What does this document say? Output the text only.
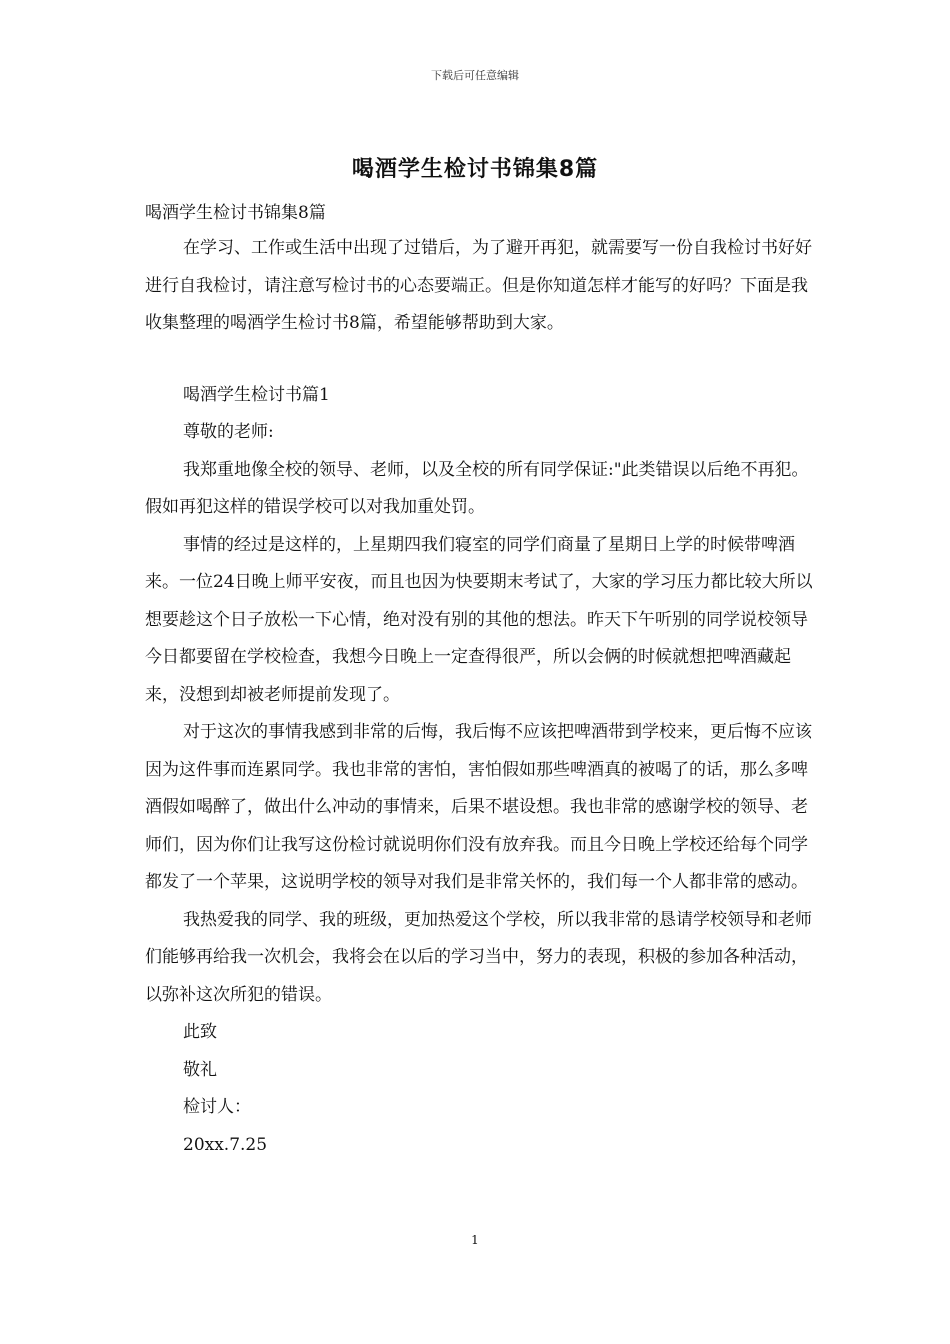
下载后可任意编辑
喝酒学生检讨书锦集8篇

喝酒学生检讨书锦集8篇

在学习、工作或生活中出现了过错后，为了避开再犯，就需要写一份自我检讨书好好进行自我检讨，请注意写检讨书的心态要端正。但是你知道怎样才能写的好吗？下面是我收集整理的喝酒学生检讨书8篇，希望能够帮助到大家。

喝酒学生检讨书篇1

尊敬的老师:

我郑重地像全校的领导、老师，以及全校的所有同学保证:"此类错误以后绝不再犯。假如再犯这样的错误学校可以对我加重处罚。

事情的经过是这样的，上星期四我们寝室的同学们商量了星期日上学的时候带啤酒来。一位24日晚上师平安夜，而且也因为快要期末考试了，大家的学习压力都比较大所以想要趁这个日子放松一下心情，绝对没有别的其他的想法。昨天下午听别的同学说校领导今日都要留在学校检查，我想今日晚上一定查得很严，所以会俩的时候就想把啤酒藏起来，没想到却被老师提前发现了。

对于这次的事情我感到非常的后悔，我后悔不应该把啤酒带到学校来，更后悔不应该因为这件事而连累同学。我也非常的害怕，害怕假如那些啤酒真的被喝了的话，那么多啤酒假如喝醉了，做出什么冲动的事情来，后果不堪设想。我也非常的感谢学校的领导、老师们，因为你们让我写这份检讨就说明你们没有放弃我。而且今日晚上学校还给每个同学都发了一个苹果，这说明学校的领导对我们是非常关怀的，我们每一个人都非常的感动。

我热爱我的同学、我的班级，更加热爱这个学校，所以我非常的恳请学校领导和老师们能够再给我一次机会，我将会在以后的学习当中，努力的表现，积极的参加各种活动，以弥补这次所犯的错误。

此致

敬礼

检讨人：

20xx.7.25

1
